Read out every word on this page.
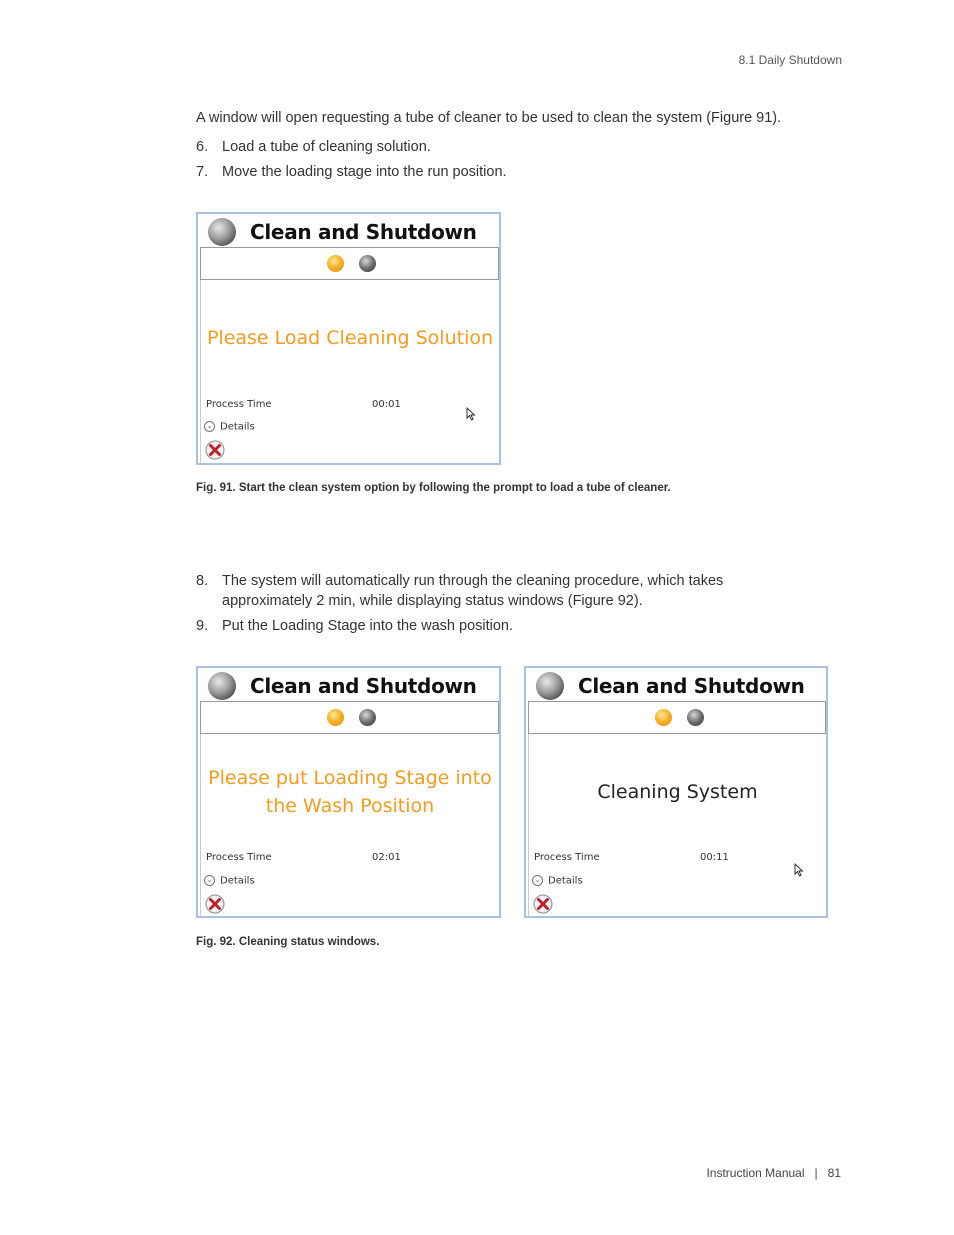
8.1 Daily Shutdown
A window will open requesting a tube of cleaner to be used to clean the system (Figure 91).
6. Load a tube of cleaning solution.
7. Move the loading stage into the run position.
Clean and Shutdown
Please Load Cleaning Solution
Process Time	00:01
⌄ Details
Fig. 91. Start the clean system option by following the prompt to load a tube of cleaner.
8. The system will automatically run through the cleaning procedure, which takes approximately 2 min, while displaying status windows (Figure 92).
9. Put the Loading Stage into the wash position.
Clean and Shutdown
Please put Loading Stage into
the Wash Position
Process Time	02:01
⌄ Details
Clean and Shutdown
Cleaning System
Process Time	00:11
⌄ Details
Fig. 92. Cleaning status windows.
Instruction Manual | 81
